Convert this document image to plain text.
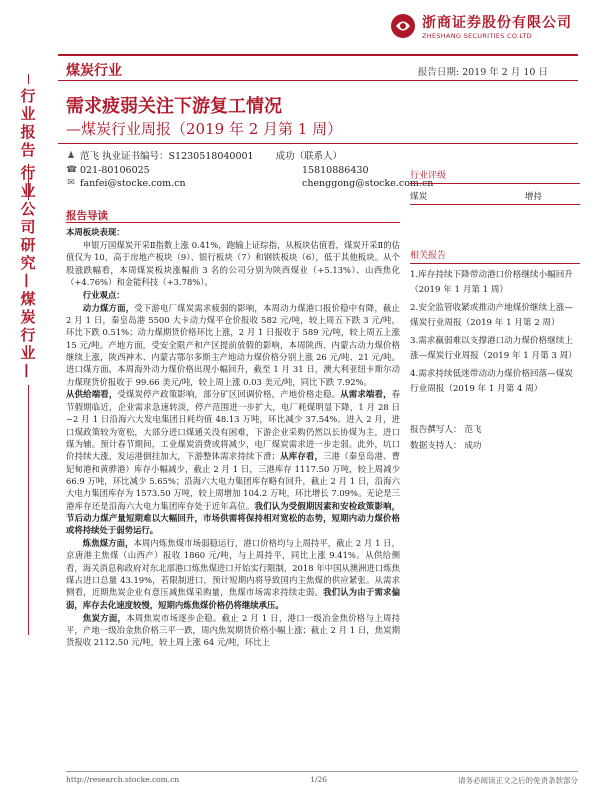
浙商证券股份有限公司
ZHESHANG SECURITIES CO.LTD
煤炭行业	报告日期: 2019 年 2 月 10 日
行业报告
行业公司研究—煤炭行业—
需求疲弱关注下游复工情况
—煤炭行业周报（2019 年 2 月第 1 周）
♟ 范飞 执业证书编号：S1230518040001 成功（联系人）
☎ 021-80106025	15810886430
✉ fanfei@stocke.com.cn	chenggong@stocke.com.cn
报告导读

本周板块表现：

申银万国煤炭开采Ⅱ指数上涨 0.41%，跑输上证综指，从板块估值看，煤炭开采Ⅱ的估值仅为 10，高于房地产板块（9）、银行板块（7）和钢铁板块（6），低于其他板块。从个股涨跌幅看，本周煤炭板块涨幅前 3 名的公司分别为陕西煤业（+5.13%）、山西焦化（+4.76%）和金能科技（+3.78%）。

行业观点：

动力煤方面，受下游电厂煤炭需求疲弱的影响，本周动力煤港口报价稳中有降，截止 2 月 1 日，秦皇岛港 5500 大卡动力煤平仓价报收 582 元/吨，较上周五下跌 3 元/吨，环比下跌 0.51%；动力煤期货价格环比上涨，2 月 1 日报收于 589 元/吨，较上周五上涨 15 元/吨。产地方面，受安全限产和产区提前放假的影响，本周陕西、内蒙古动力煤价格继续上涨，陕西神木、内蒙古鄂尔多斯主产地动力煤价格分别上涨 26 元/吨、21 元/吨。进口煤方面，本周海外动力煤价格出现小幅回升，截至 1 月 31 日，澳大利亚纽卡斯尔动力煤现货价报收于 99.66 美元/吨，较上周上涨 0.03 美元/吨，同比下跌 7.92%。

从供给端看，受煤炭停产政策影响，部分矿区回调价格，产地价格走稳。从需求端看，春节假期临近，企业需求急速转淡，停产范围进一步扩大，电厂耗煤明显下降，1 月 28 日~2 月 1 日沿海六大发电集团日耗均值 48.13 万吨，环比减少 37.54%。进入 2 月，进口煤政策较为宽松，大部分进口煤通关没有困难，下游企业采购仍然以长协煤为主，进口煤为辅。预计春节期间，工业煤炭消费或将减少，电厂煤炭需求进一步走弱。此外，坑口价持续大涨，发运港倒挂加大，下游整体需求持续下滑；从库存看，三港（秦皇岛港、曹妃甸港和黄骅港）库存小幅减少，截止 2 月 1 日，三港库存 1117.50 万吨，较上周减少 66.9 万吨，环比减少 5.65%；沿海六大电力集团库存略有回升，截止 2 月 1 日，沿海六大电力集团库存为 1573.50 万吨，较上周增加 104.2 万吨，环比增长 7.09%。无论是三港库存还是沿海六大电力集团库存处于近年高位。我们认为受假期因素和安检政策影响，节后动力煤产量短期难以大幅回升，市场供需将保持相对宽松的态势，短期内动力煤价格或将持续处于弱势运行。

炼焦煤方面，本周内炼焦煤市场弱稳运行，港口价格均与上周持平，截止 2 月 1 日，京唐港主焦煤（山西产）报收 1860 元/吨，与上周持平，同比上涨 9.41%。从供给侧看，海关消息称政府对东北部港口炼焦煤进口开始实行限制，2018 年中国从澳洲进口炼焦煤占进口总量 43.19%，若限制进口，预计短期内将导致国内主焦煤的供应紧张。从需求侧看，近期焦炭企业有意压减焦煤采购量，焦煤市场需求持续走弱。我们认为由于需求偏弱，库存去化速度较慢，短期内炼焦煤价格仍将继续承压。

焦炭方面，本周焦炭市场逐步企稳。截止 2 月 1 日，港口一级冶金焦价格与上周持平，产地一级冶金焦价格三平一跌，周内焦炭期货价格小幅上涨；截止 2 月 1 日，焦炭期货报收 2112.50 元/吨，较上周上涨 64 元/吨，环比上

行业评级
煤炭	增持
相关报告
1.库存持续下降带动港口价格继续小幅回升（2019 年 1 月第 1 周）
2.安全监管收紧或推动产地煤价继续上涨—煤炭行业周报（2019 年 1 月第 2 周）
3.需求羸弱难以支撑港口动力煤价格继续上涨—煤炭行业周报（2019 年 1 月第 3 周）
4.需求持续低迷带动动力煤价格回落—煤炭行业周报（2019 年 1 月第 4 周）
报告撰写人： 范飞
数据支持人： 成功
http://research.stocke.com.cn	1/26	请务必阅读正文之后的免责条款部分
